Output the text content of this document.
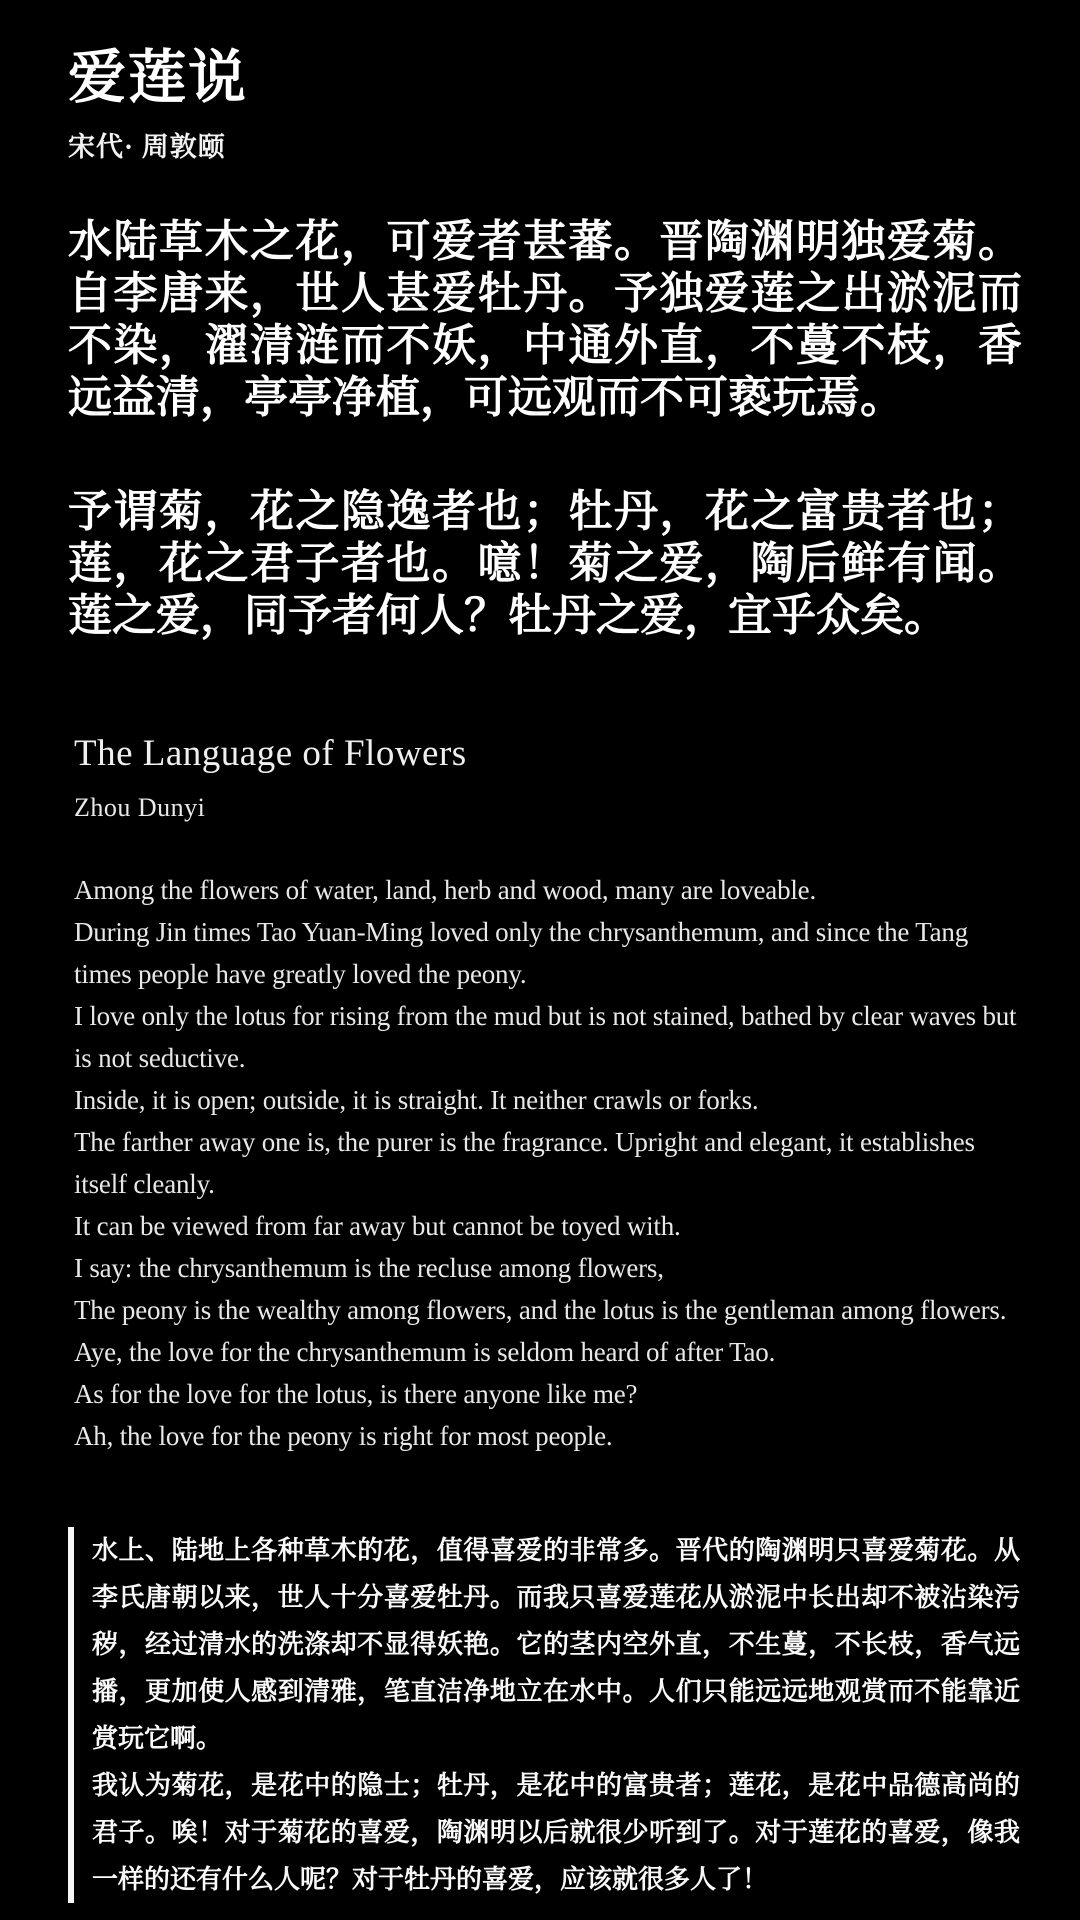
爱莲说
宋代· 周敦颐
水陆草木之花，可爱者甚蕃。晋陶渊明独爱菊。自李唐来，世人甚爱牡丹。予独爱莲之出淤泥而不染，濯清涟而不妖，中通外直，不蔓不枝，香远益清，亭亭净植，可远观而不可亵玩焉。
予谓菊，花之隐逸者也；牡丹，花之富贵者也；莲，花之君子者也。噫！菊之爱，陶后鲜有闻。莲之爱，同予者何人？牡丹之爱，宜乎众矣。
The Language of Flowers
Zhou Dunyi
Among the flowers of water, land, herb and wood, many are loveable.
During Jin times Tao Yuan-Ming loved only the chrysanthemum, and since the Tang times people have greatly loved the peony.
I love only the lotus for rising from the mud but is not stained, bathed by clear waves but is not seductive.
Inside, it is open; outside, it is straight. It neither crawls or forks.
The farther away one is, the purer is the fragrance. Upright and elegant, it establishes itself cleanly.
It can be viewed from far away but cannot be toyed with.
I say: the chrysanthemum is the recluse among flowers,
The peony is the wealthy among flowers, and the lotus is the gentleman among flowers.
Aye, the love for the chrysanthemum is seldom heard of after Tao.
As for the love for the lotus, is there anyone like me?
Ah, the love for the peony is right for most people.
水上、陆地上各种草木的花，值得喜爱的非常多。晋代的陶渊明只喜爱菊花。从李氏唐朝以来，世人十分喜爱牡丹。而我只喜爱莲花从淤泥中长出却不被沾染污秽，经过清水的洗涤却不显得妖艳。它的茎内空外直，不生蔓，不长枝，香气远播，更加使人感到清雅，笔直洁净地立在水中。人们只能远远地观赏而不能靠近赏玩它啊。
我认为菊花，是花中的隐士；牡丹，是花中的富贵者；莲花，是花中品德高尚的君子。唉！对于菊花的喜爱，陶渊明以后就很少听到了。对于莲花的喜爱，像我一样的还有什么人呢？对于牡丹的喜爱，应该就很多人了！
